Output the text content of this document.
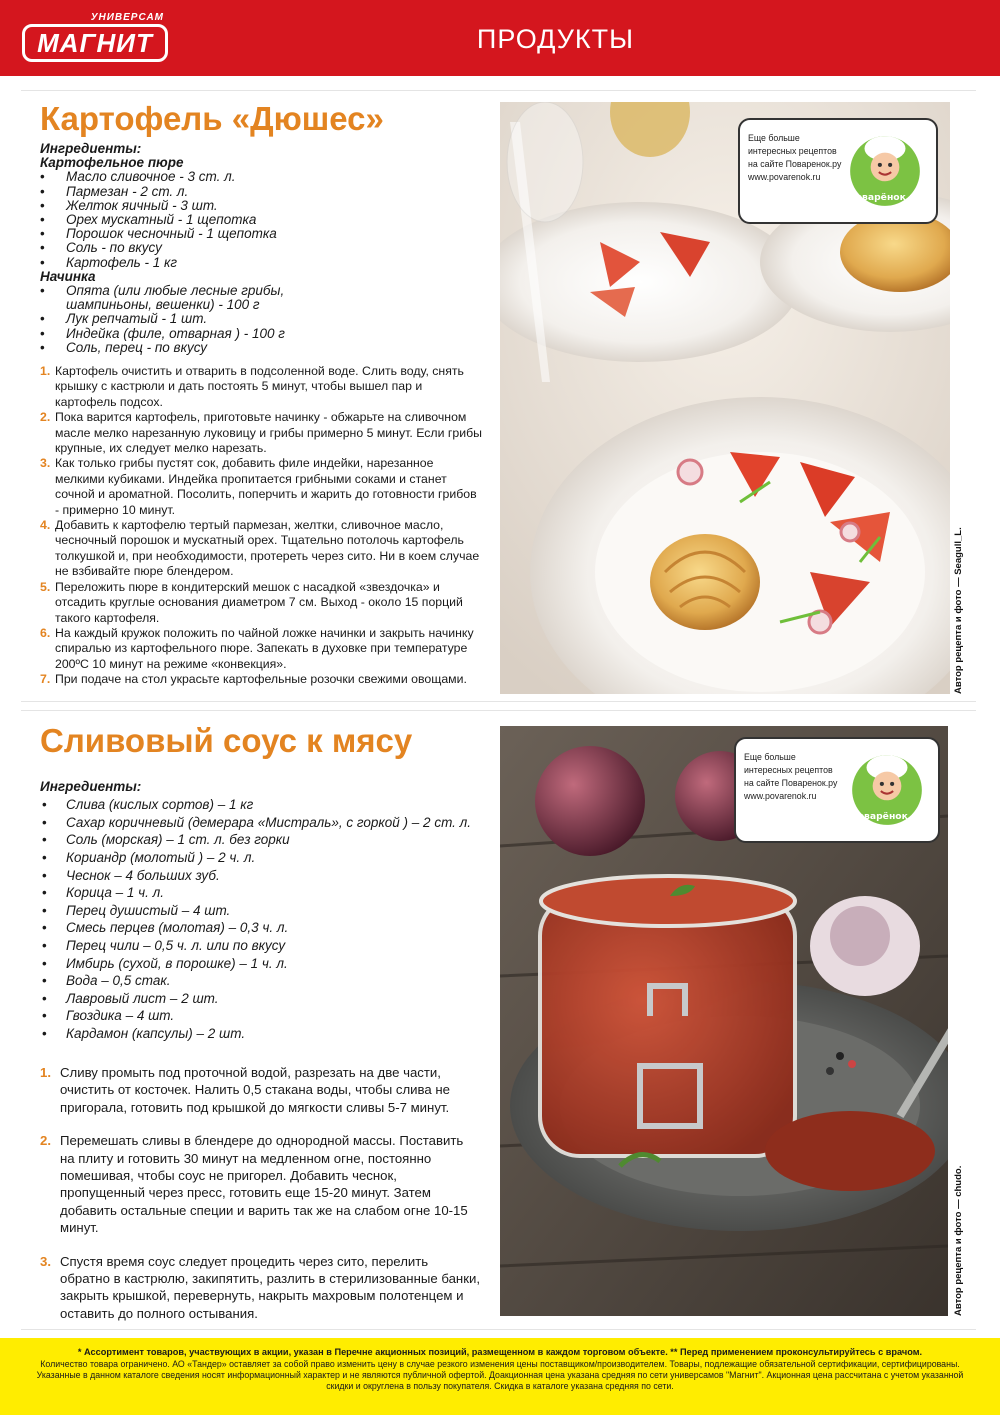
УНИВЕРСАМ
МАГНИТ	ПРОДУКТЫ
Картофель «Дюшес»
Ингредиенты:
Картофельное пюре
• Масло сливочное - 3 ст. л.
• Пармезан - 2 ст. л.
• Желток яичный - 3 шт.
• Орех мускатный - 1 щепотка
• Порошок чесночный - 1 щепотка
• Соль - по вкусу
• Картофель - 1 кг
Начинка
• Опята (или любые лесные грибы, шампиньоны, вешенки) - 100 г
• Лук репчатый - 1 шт.
• Индейка (филе, отварная ) - 100 г
• Соль, перец - по вкусу
1. Картофель очистить и отварить в подсоленной воде. Слить воду, снять крышку с кастрюли и дать постоять 5 минут, чтобы вышел пар и картофель подсох.
2. Пока варится картофель, приготовьте начинку - обжарьте на сливочном масле мелко нарезанную луковицу и грибы примерно 5 минут. Если грибы крупные, их следует мелко нарезать.
3. Как только грибы пустят сок, добавить филе индейки, нарезанное мелкими кубиками. Индейка пропитается грибными соками и станет сочной и ароматной. Посолить, поперчить и жарить до готовности грибов - примерно 10 минут.
4. Добавить к картофелю тертый пармезан, желтки, сливочное масло, чесночный порошок и мускатный орех. Тщательно потолочь картофель толкушкой и, при необходимости, протереть через сито. Ни в коем случае не взбивайте пюре блендером.
5. Переложить пюре в кондитерский мешок с насадкой «звездочка» и отсадить круглые основания диаметром 7 см. Выход - около 15 порций такого картофеля.
6. На каждый кружок положить по чайной ложке начинки и закрыть начинку спиралью из картофельного пюре. Запекать в духовке при температуре 200ºC 10 минут на режиме «конвекция».
7. При подаче на стол украсьте картофельные розочки свежими овощами.	Автор рецепта и фото — Seagull_L.
Еще больше
интересных рецептов
на сайте Поваренок.ру
www.povarenok.ru
Поварёнок.ру
Сливовый соус к мясу
Ингредиенты:
• Слива (кислых сортов) – 1 кг
• Сахар коричневый (демерара «Мистраль», с горкой ) – 2 ст. л.
• Соль (морская) – 1 ст. л. без горки
• Кориандр (молотый ) – 2 ч. л.
• Чеснок – 4 больших зуб.
• Корица – 1 ч. л.
• Перец душистый – 4 шт.
• Смесь перцев (молотая) – 0,3 ч. л.
• Перец чили – 0,5 ч. л. или по вкусу
• Имбирь (сухой, в порошке) – 1 ч. л.
• Вода – 0,5 стак.
• Лавровый лист – 2 шт.
• Гвоздика – 4 шт.
• Кардамон (капсулы) – 2 шт.
1. Сливу промыть под проточной водой, разрезать на две части, очистить от косточек. Налить 0,5 стакана воды, чтобы слива не пригорала, готовить под крышкой до мягкости сливы 5-7 минут.
2. Перемешать сливы в блендере до однородной массы. Поставить на плиту и готовить 30 минут на медленном огне, постоянно помешивая, чтобы соус не пригорел. Добавить чеснок, пропущенный через пресс, готовить еще 15-20 минут. Затем добавить остальные специи и варить так же на слабом огне 10-15 минут.
3. Спустя время соус следует процедить через сито, перелить обратно в кастрюлю, закипятить, разлить в стерилизованные банки, закрыть крышкой, перевернуть, накрыть махровым полотенцем и оставить до полного остывания.	Автор рецепта и фото — chudo.
Еще больше
интересных рецептов
на сайте Поваренок.ру
www.povarenok.ru
Поварёнок.ру
* Ассортимент товаров, участвующих в акции, указан в Перечне акционных позиций, размещенном в каждом торговом объекте. ** Перед применением проконсультируйтесь с врачом.
Количество товара ограничено. АО «Тандер» оставляет за собой право изменить цену в случае резкого изменения цены поставщиком/производителем. Товары, подлежащие обязательной сертификации, сертифицированы.
Указанные в данном каталоге сведения носят информационный характер и не являются публичной офертой. Доакционная цена указана средняя по сети универсамов "Магнит". Акционная цена рассчитана с учетом указанной
скидки и округлена в пользу покупателя. Скидка в каталоге указана средняя по сети.
